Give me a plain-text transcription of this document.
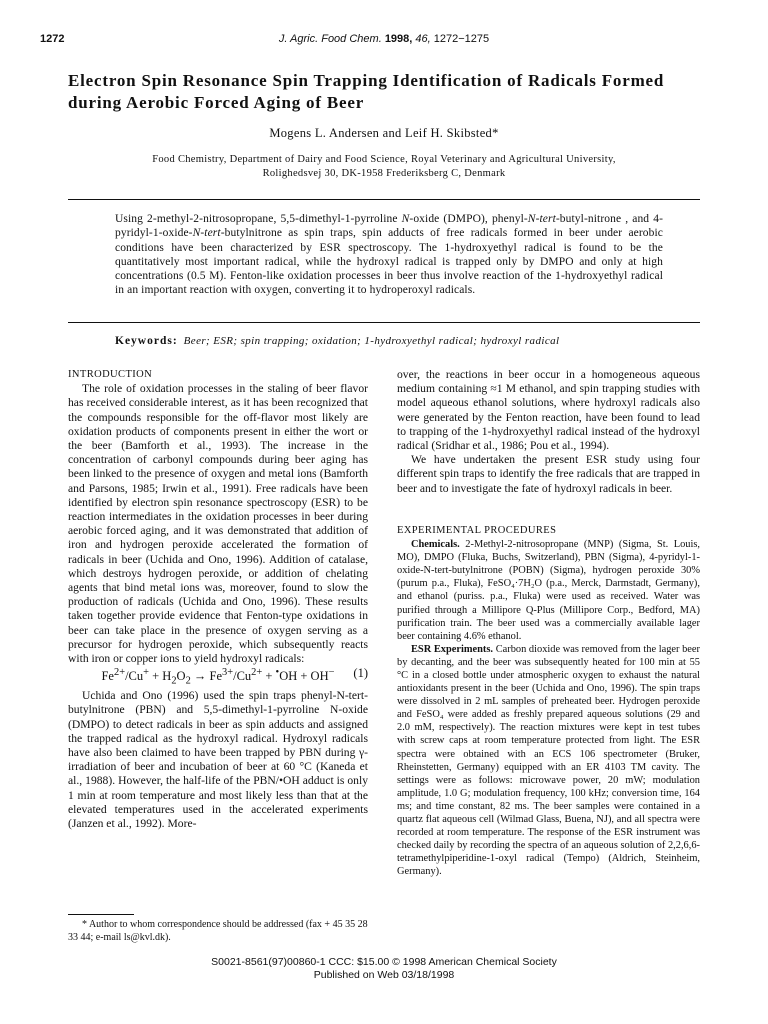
1272	J. Agric. Food Chem. 1998, 46, 1272−1275
Electron Spin Resonance Spin Trapping Identification of Radicals Formed during Aerobic Forced Aging of Beer
Mogens L. Andersen and Leif H. Skibsted*
Food Chemistry, Department of Dairy and Food Science, Royal Veterinary and Agricultural University,
Rolighedsvej 30, DK-1958 Frederiksberg C, Denmark
Using 2-methyl-2-nitrosopropane, 5,5-dimethyl-1-pyrroline N-oxide (DMPO), phenyl-N-tert-butyl-nitrone , and 4-pyridyl-1-oxide-N-tert-butylnitrone as spin traps, spin adducts of free radicals formed in beer under aerobic conditions have been characterized by ESR spectroscopy. The 1-hydroxyethyl radical is found to be the quantitatively most important radical, while the hydroxyl radical is trapped only by DMPO and only at high concentrations (0.5 M). Fenton-like oxidation processes in beer thus involve reaction of the 1-hydroxyethyl radical in an important reaction with oxygen, converting it to hydroperoxyl radicals.
Keywords: Beer; ESR; spin trapping; oxidation; 1-hydroxyethyl radical; hydroxyl radical

INTRODUCTION

The role of oxidation processes in the staling of beer flavor has received considerable interest, as it has been recognized that the compounds responsible for the off-flavor most likely are oxidation products of components present in either the wort or the beer (Bamforth et al., 1993). The increase in the concentration of carbonyl compounds during beer aging has been linked to the presence of oxygen and metal ions (Bamforth and Parsons, 1985; Irwin et al., 1991). Free radicals have been identified by electron spin resonance spectroscopy (ESR) to be reaction intermediates in the oxidation processes in beer during aerobic forced aging, and it was demonstrated that addition of iron and hydrogen peroxide accelerated the formation of radicals in beer (Uchida and Ono, 1996). Addition of catalase, which destroys hydrogen peroxide, or addition of chelating agents that bind metal ions was, moreover, found to slow the production of radicals (Uchida and Ono, 1996). These results taken together provide evidence that Fenton-type oxidations in beer can take place in the presence of oxygen serving as a precursor for hydrogen peroxide, which subsequently reacts with iron or copper ions to yield hydroxyl radicals:

$Fe^{2+}/Cu^+ + H_2O_2 \to Fe^{3+}/Cu^{2+} + ^•OH + OH^-$ (1)

Uchida and Ono (1996) used the spin traps phenyl-N-tert-butylnitrone (PBN) and 5,5-dimethyl-1-pyrroline N-oxide (DMPO) to detect radicals in beer as spin adducts and assigned the trapped radical as the hydroxyl radical. Hydroxyl radicals have also been claimed to have been trapped by PBN during γ-irradiation of beer and incubation of beer at 60 °C (Kaneda et al., 1988). However, the half-life of the PBN/•OH adduct is only 1 min at room temperature and most likely less than that at the elevated temperatures used in the accelerated experiments (Janzen et al., 1992). More-

* Author to whom correspondence should be addressed (fax + 45 35 28 33 44; e-mail ls@kvl.dk).

over, the reactions in beer occur in a homogeneous aqueous medium containing ≈1 M ethanol, and spin trapping studies with model aqueous ethanol solutions, where hydroxyl radicals also were generated by the Fenton reaction, have been found to lead to trapping of the 1-hydroxyethyl radical instead of the hydroxyl radical (Sridhar et al., 1986; Pou et al., 1994).

We have undertaken the present ESR study using four different spin traps to identify the free radicals that are trapped in beer and to investigate the fate of hydroxyl radicals in beer.

EXPERIMENTAL PROCEDURES

Chemicals. 2-Methyl-2-nitrosopropane (MNP) (Sigma, St. Louis, MO), DMPO (Fluka, Buchs, Switzerland), PBN (Sigma), 4-pyridyl-1-oxide-N-tert-butylnitrone (POBN) (Sigma), hydrogen peroxide 30% (purum p.a., Fluka), FeSO₄·7H₂O (p.a., Merck, Darmstadt, Germany), and ethanol (puriss. p.a., Fluka) were used as received. Water was purified through a Millipore Q-Plus (Millipore Corp., Bedford, MA) purification train. The beer used was a commercially available lager beer containing 4.6% ethanol.

ESR Experiments. Carbon dioxide was removed from the lager beer by decanting, and the beer was subsequently heated for 100 min at 55 °C in a closed bottle under atmospheric oxygen to exhaust the natural antioxidants present in the beer (Uchida and Ono, 1996). The spin traps were dissolved in 2 mL samples of preheated beer. Hydrogen peroxide and FeSO₄ were added as freshly prepared aqueous solutions (29 and 2.0 mM, respectively). The reaction mixtures were kept in test tubes with screw caps at room temperature protected from light. The ESR spectra were obtained with an ECS 106 spectrometer (Bruker, Rheinstetten, Germany) equipped with an ER 4103 TM cavity. The settings were as follows: microwave power, 20 mW; modulation amplitude, 1.0 G; modulation frequency, 100 kHz; conversion time, 164 ms; and time constant, 82 ms. The beer samples were contained in a quartz flat aqueous cell (Wilmad Glass, Buena, NJ), and all spectra were recorded at room temperature. The response of the ESR instrument was checked daily by recording the spectra of an aqueous solution of 2,2,6,6-tetramethylpiperidine-1-oxyl radical (Tempo) (Aldrich, Steinheim, Germany).

S0021-8561(97)00860-1 CCC: $15.00 © 1998 American Chemical Society
Published on Web 03/18/1998
